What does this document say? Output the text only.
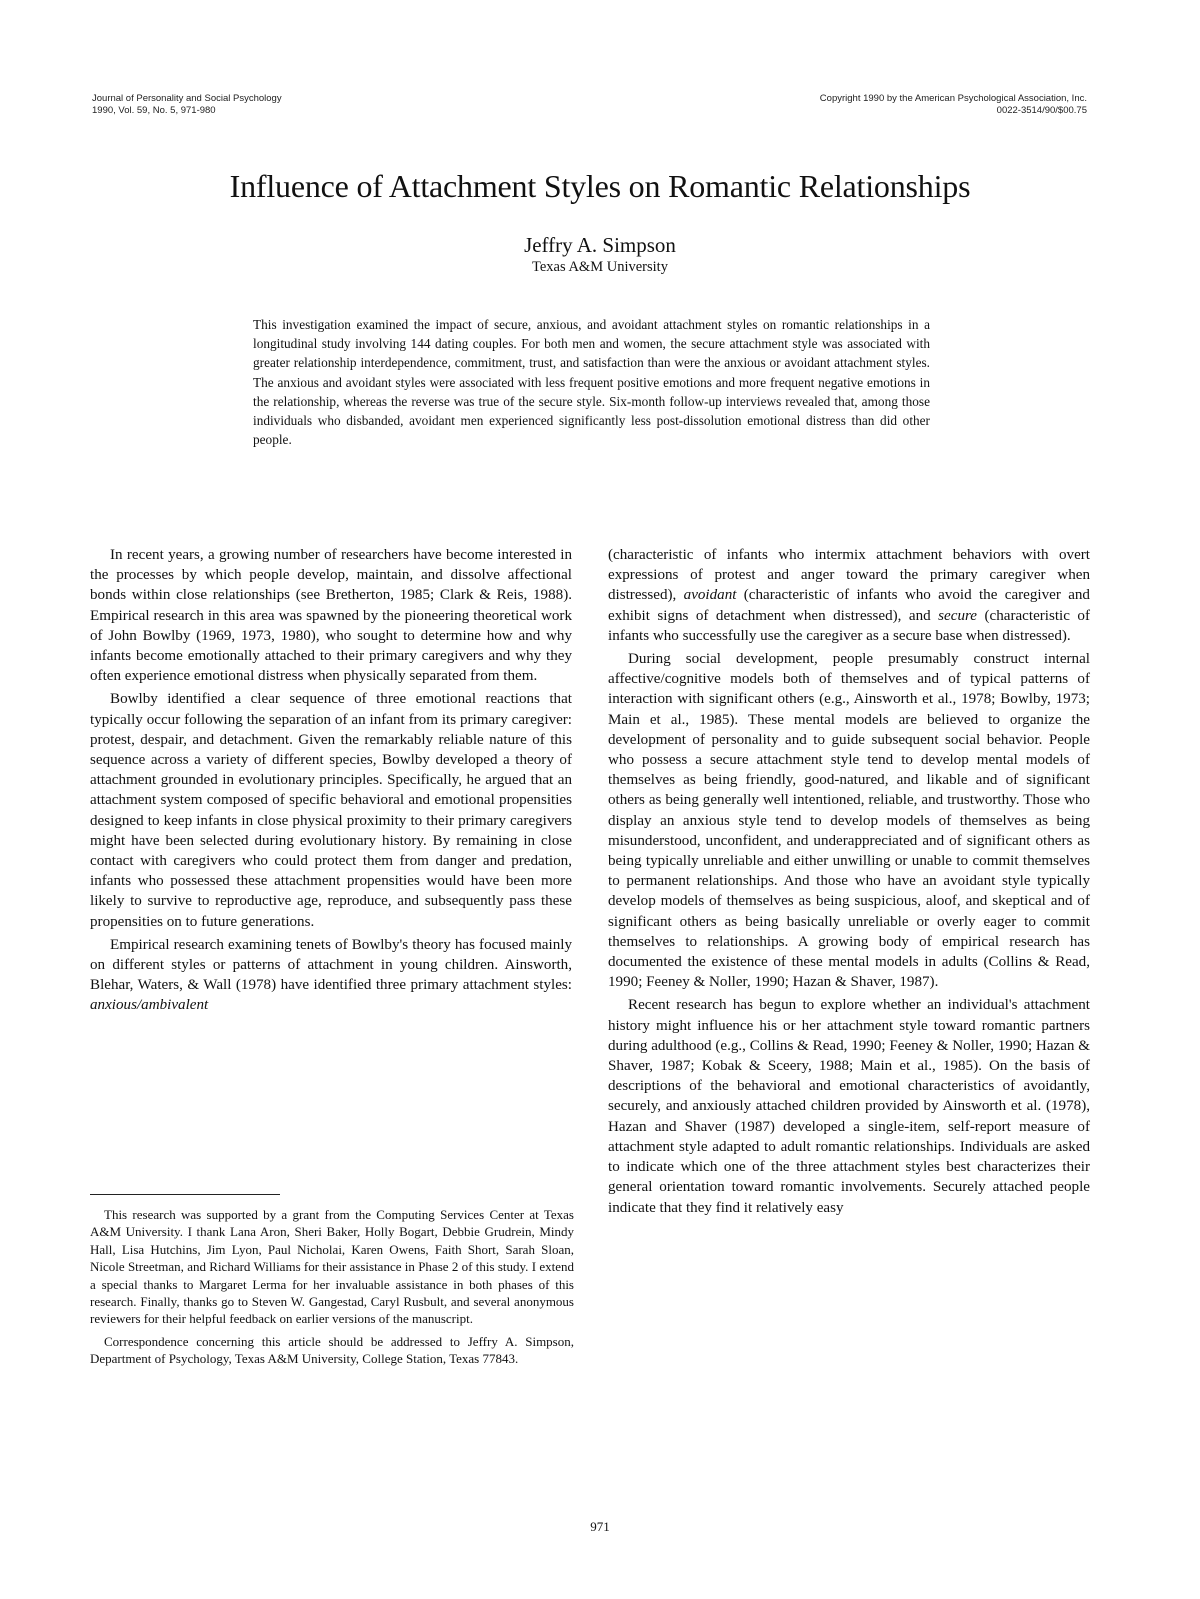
Journal of Personality and Social Psychology
1990, Vol. 59, No. 5, 971-980
Copyright 1990 by the American Psychological Association, Inc.
0022-3514/90/$00.75
Influence of Attachment Styles on Romantic Relationships
Jeffry A. Simpson
Texas A&M University
This investigation examined the impact of secure, anxious, and avoidant attachment styles on romantic relationships in a longitudinal study involving 144 dating couples. For both men and women, the secure attachment style was associated with greater relationship interdependence, commitment, trust, and satisfaction than were the anxious or avoidant attachment styles. The anxious and avoidant styles were associated with less frequent positive emotions and more frequent negative emotions in the relationship, whereas the reverse was true of the secure style. Six-month follow-up interviews revealed that, among those individuals who disbanded, avoidant men experienced significantly less post-dissolution emotional distress than did other people.

In recent years, a growing number of researchers have become interested in the processes by which people develop, maintain, and dissolve affectional bonds within close relationships (see Bretherton, 1985; Clark & Reis, 1988). Empirical research in this area was spawned by the pioneering theoretical work of John Bowlby (1969, 1973, 1980), who sought to determine how and why infants become emotionally attached to their primary caregivers and why they often experience emotional distress when physically separated from them.

Bowlby identified a clear sequence of three emotional reactions that typically occur following the separation of an infant from its primary caregiver: protest, despair, and detachment. Given the remarkably reliable nature of this sequence across a variety of different species, Bowlby developed a theory of attachment grounded in evolutionary principles. Specifically, he argued that an attachment system composed of specific behavioral and emotional propensities designed to keep infants in close physical proximity to their primary caregivers might have been selected during evolutionary history. By remaining in close contact with caregivers who could protect them from danger and predation, infants who possessed these attachment propensities would have been more likely to survive to reproductive age, reproduce, and subsequently pass these propensities on to future generations.

Empirical research examining tenets of Bowlby's theory has focused mainly on different styles or patterns of attachment in young children. Ainsworth, Blehar, Waters, & Wall (1978) have identified three primary attachment styles: anxious/ambivalent

(characteristic of infants who intermix attachment behaviors with overt expressions of protest and anger toward the primary caregiver when distressed), avoidant (characteristic of infants who avoid the caregiver and exhibit signs of detachment when distressed), and secure (characteristic of infants who successfully use the caregiver as a secure base when distressed).

During social development, people presumably construct internal affective/cognitive models both of themselves and of typical patterns of interaction with significant others (e.g., Ainsworth et al., 1978; Bowlby, 1973; Main et al., 1985). These mental models are believed to organize the development of personality and to guide subsequent social behavior. People who possess a secure attachment style tend to develop mental models of themselves as being friendly, good-natured, and likable and of significant others as being generally well intentioned, reliable, and trustworthy. Those who display an anxious style tend to develop models of themselves as being misunderstood, unconfident, and underappreciated and of significant others as being typically unreliable and either unwilling or unable to commit themselves to permanent relationships. And those who have an avoidant style typically develop models of themselves as being suspicious, aloof, and skeptical and of significant others as being basically unreliable or overly eager to commit themselves to relationships. A growing body of empirical research has documented the existence of these mental models in adults (Collins & Read, 1990; Feeney & Noller, 1990; Hazan & Shaver, 1987).

Recent research has begun to explore whether an individual's attachment history might influence his or her attachment style toward romantic partners during adulthood (e.g., Collins & Read, 1990; Feeney & Noller, 1990; Hazan & Shaver, 1987; Kobak & Sceery, 1988; Main et al., 1985). On the basis of descriptions of the behavioral and emotional characteristics of avoidantly, securely, and anxiously attached children provided by Ainsworth et al. (1978), Hazan and Shaver (1987) developed a single-item, self-report measure of attachment style adapted to adult romantic relationships. Individuals are asked to indicate which one of the three attachment styles best characterizes their general orientation toward romantic involvements. Securely attached people indicate that they find it relatively easy

This research was supported by a grant from the Computing Services Center at Texas A&M University. I thank Lana Aron, Sheri Baker, Holly Bogart, Debbie Grudrein, Mindy Hall, Lisa Hutchins, Jim Lyon, Paul Nicholai, Karen Owens, Faith Short, Sarah Sloan, Nicole Streetman, and Richard Williams for their assistance in Phase 2 of this study. I extend a special thanks to Margaret Lerma for her invaluable assistance in both phases of this research. Finally, thanks go to Steven W. Gangestad, Caryl Rusbult, and several anonymous reviewers for their helpful feedback on earlier versions of the manuscript.

Correspondence concerning this article should be addressed to Jeffry A. Simpson, Department of Psychology, Texas A&M University, College Station, Texas 77843.

971
